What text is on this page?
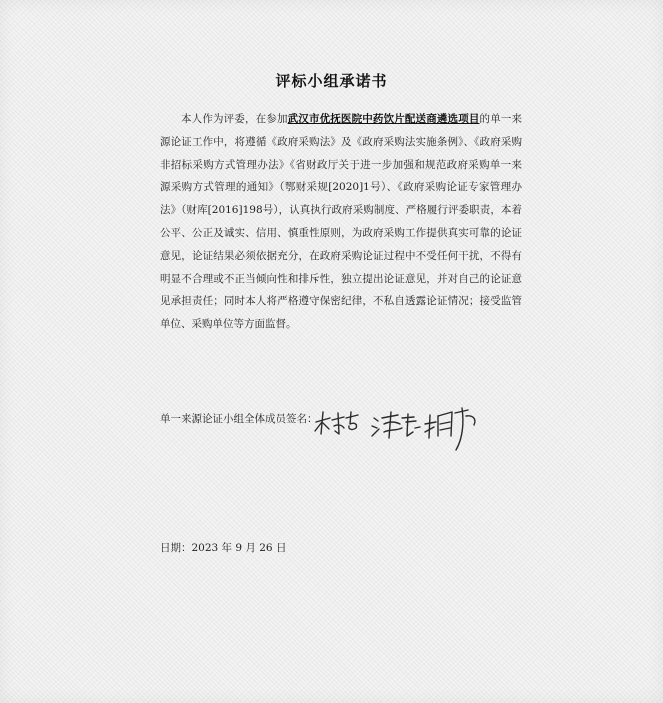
评标小组承诺书

本人作为评委，在参加武汉市优抚医院中药饮片配送商遴选项目的单一来源论证工作中，将遵循《政府采购法》及《政府采购法实施条例》、《政府采购非招标采购方式管理办法》《省财政厅关于进一步加强和规范政府采购单一来源采购方式管理的通知》（鄂财采规[2020]1号）、《政府采购论证专家管理办法》（财库[2016]198号），认真执行政府采购制度、严格履行评委职责，本着公平、公正及诚实、信用、慎重性原则，为政府采购工作提供真实可靠的论证意见，论证结果必须依据充分，在政府采购论证过程中不受任何干扰，不得有明显不合理或不正当倾向性和排斥性，独立提出论证意见，并对自己的论证意见承担责任；同时本人将严格遵守保密纪律，不私自透露论证情况；接受监管单位、采购单位等方面监督。

单一来源论证小组全体成员签名：
日期：2023 年 9 月 26 日
